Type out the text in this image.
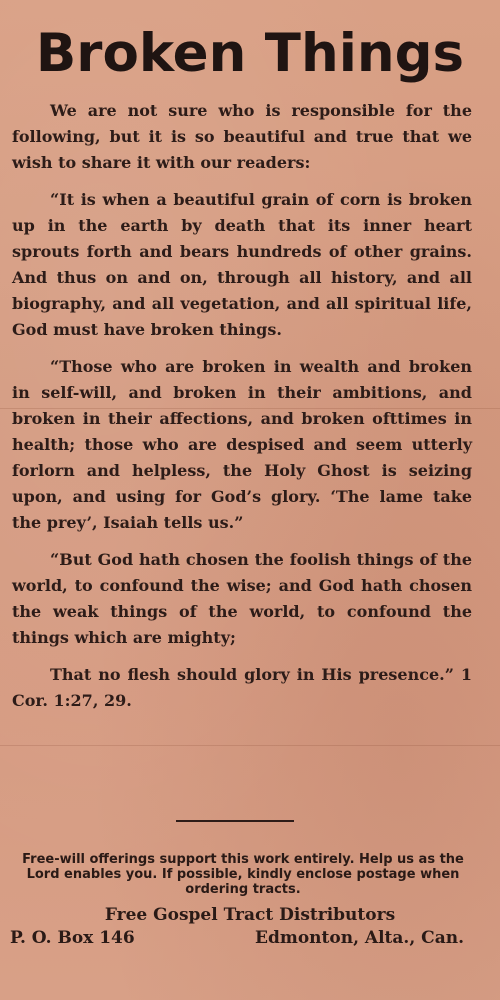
Broken Things

We are not sure who is responsible for the following, but it is so beautiful and true that we wish to share it with our readers:

“It is when a beautiful grain of corn is broken up in the earth by death that its inner heart sprouts forth and bears hundreds of other grains. And thus on and on, through all history, and all biography, and all vegetation, and all spiritual life, God must have broken things.

“Those who are broken in wealth and broken in self-will, and broken in their ambitions, and broken in their affections, and broken ofttimes in health; those who are despised and seem utterly forlorn and helpless, the Holy Ghost is seizing upon, and using for God’s glory. ‘The lame take the prey’, Isaiah tells us.”

“But God hath chosen the foolish things of the world, to confound the wise; and God hath chosen the weak things of the world, to confound the things which are mighty;

That no flesh should glory in His presence.” 1 Cor. 1:27, 29.

Free-will offerings support this work entirely. Help us as the Lord enables you. If possible, kindly enclose postage when ordering tracts.
Free Gospel Tract Distributors
P. O. Box 146	Edmonton, Alta., Can.
